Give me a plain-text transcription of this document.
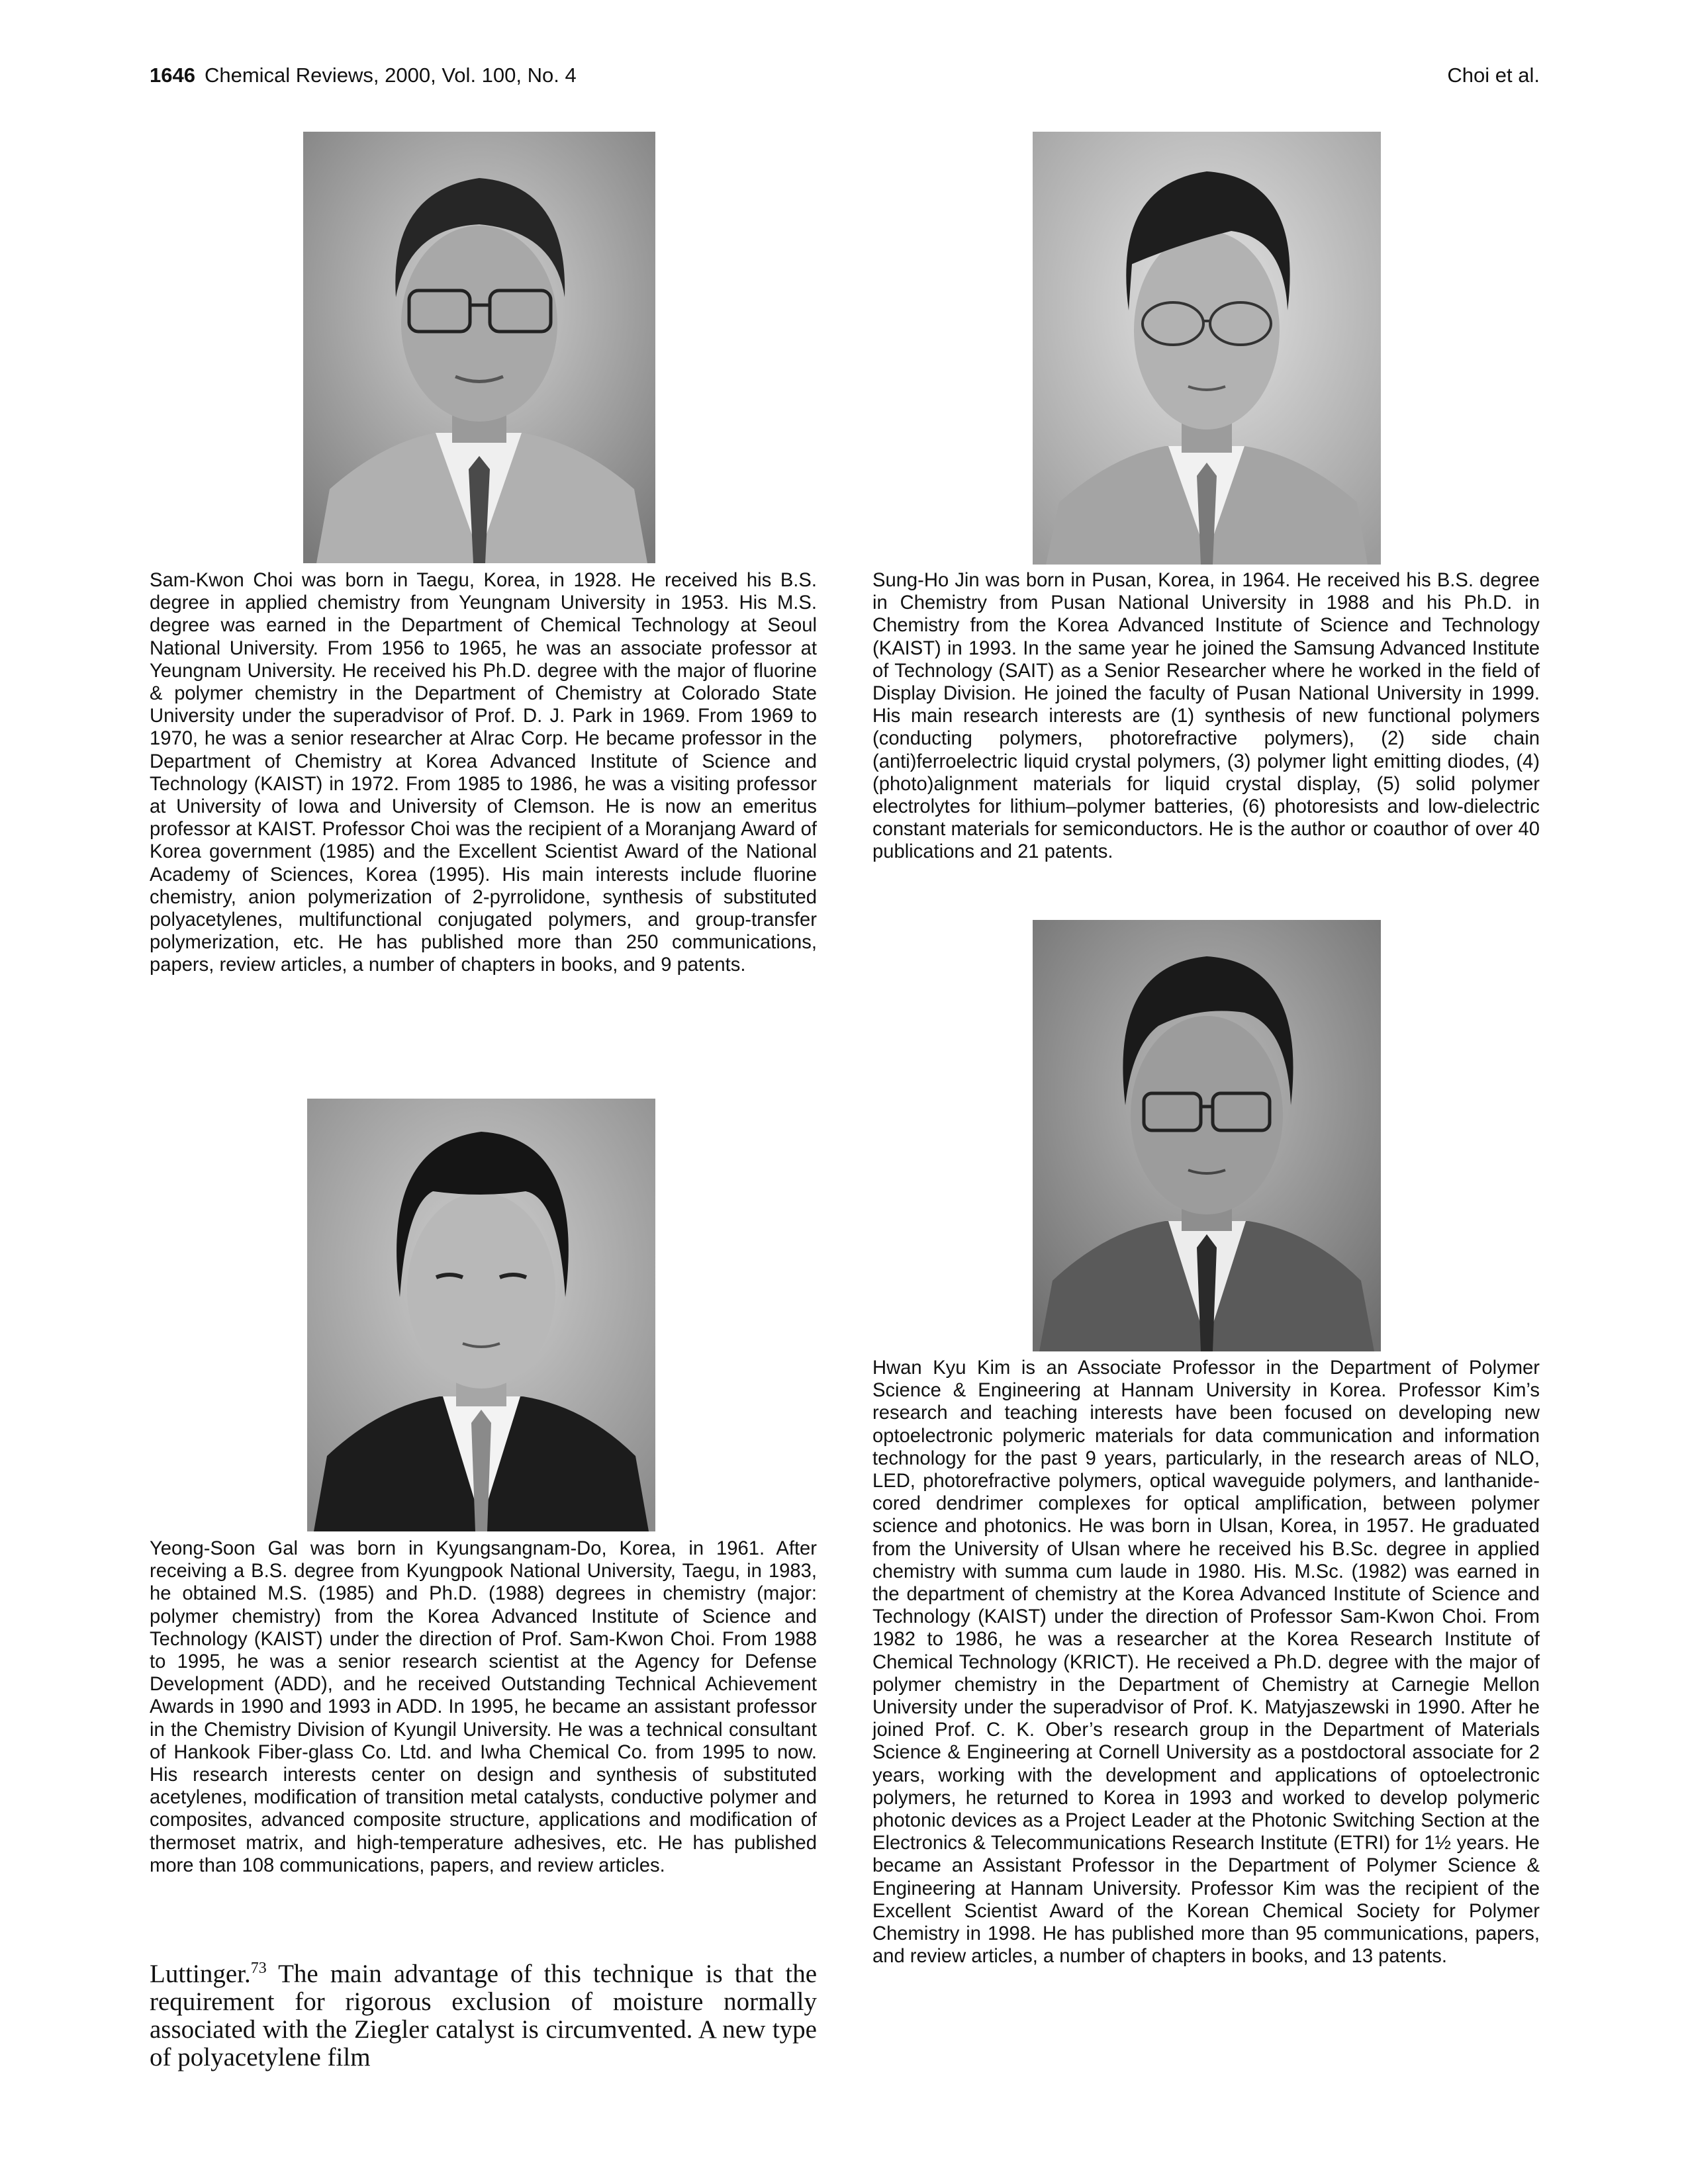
1646 Chemical Reviews, 2000, Vol. 100, No. 4	Choi et al.

Sam-Kwon Choi was born in Taegu, Korea, in 1928. He received his B.S. degree in applied chemistry from Yeungnam University in 1953. His M.S. degree was earned in the Department of Chemical Technology at Seoul National University. From 1956 to 1965, he was an associate professor at Yeungnam University. He received his Ph.D. degree with the major of fluorine & polymer chemistry in the Department of Chemistry at Colorado State University under the superadvisor of Prof. D. J. Park in 1969. From 1969 to 1970, he was a senior researcher at Alrac Corp. He became professor in the Department of Chemistry at Korea Advanced Institute of Science and Technology (KAIST) in 1972. From 1985 to 1986, he was a visiting professor at University of Iowa and University of Clemson. He is now an emeritus professor at KAIST. Professor Choi was the recipient of a Moranjang Award of Korea government (1985) and the Excellent Scientist Award of the National Academy of Sciences, Korea (1995). His main interests include fluorine chemistry, anion polymerization of 2-pyrrolidone, synthesis of substituted polyacetylenes, multifunctional conjugated polymers, and group-transfer polymerization, etc. He has published more than 250 communications, papers, review articles, a number of chapters in books, and 9 patents.

Sung-Ho Jin was born in Pusan, Korea, in 1964. He received his B.S. degree in Chemistry from Pusan National University in 1988 and his Ph.D. in Chemistry from the Korea Advanced Institute of Science and Technology (KAIST) in 1993. In the same year he joined the Samsung Advanced Institute of Technology (SAIT) as a Senior Researcher where he worked in the field of Display Division. He joined the faculty of Pusan National University in 1999. His main research interests are (1) synthesis of new functional polymers (conducting polymers, photorefractive polymers), (2) side chain (anti)ferroelectric liquid crystal polymers, (3) polymer light emitting diodes, (4) (photo)alignment materials for liquid crystal display, (5) solid polymer electrolytes for lithium–polymer batteries, (6) photoresists and low-dielectric constant materials for semiconductors. He is the author or coauthor of over 40 publications and 21 patents.

Yeong-Soon Gal was born in Kyungsangnam-Do, Korea, in 1961. After receiving a B.S. degree from Kyungpook National University, Taegu, in 1983, he obtained M.S. (1985) and Ph.D. (1988) degrees in chemistry (major: polymer chemistry) from the Korea Advanced Institute of Science and Technology (KAIST) under the direction of Prof. Sam-Kwon Choi. From 1988 to 1995, he was a senior research scientist at the Agency for Defense Development (ADD), and he received Outstanding Technical Achievement Awards in 1990 and 1993 in ADD. In 1995, he became an assistant professor in the Chemistry Division of Kyungil University. He was a technical consultant of Hankook Fiber-glass Co. Ltd. and Iwha Chemical Co. from 1995 to now. His research interests center on design and synthesis of substituted acetylenes, modification of transition metal catalysts, conductive polymer and composites, advanced composite structure, applications and modification of thermoset matrix, and high-temperature adhesives, etc. He has published more than 108 communications, papers, and review articles.

Hwan Kyu Kim is an Associate Professor in the Department of Polymer Science & Engineering at Hannam University in Korea. Professor Kim’s research and teaching interests have been focused on developing new optoelectronic polymeric materials for data communication and information technology for the past 9 years, particularly, in the research areas of NLO, LED, photorefractive polymers, optical waveguide polymers, and lanthanide-cored dendrimer complexes for optical amplification, between polymer science and photonics. He was born in Ulsan, Korea, in 1957. He graduated from the University of Ulsan where he received his B.Sc. degree in applied chemistry with summa cum laude in 1980. His. M.Sc. (1982) was earned in the department of chemistry at the Korea Advanced Institute of Science and Technology (KAIST) under the direction of Professor Sam-Kwon Choi. From 1982 to 1986, he was a researcher at the Korea Research Institute of Chemical Technology (KRICT). He received a Ph.D. degree with the major of polymer chemistry in the Department of Chemistry at Carnegie Mellon University under the superadvisor of Prof. K. Matyjaszewski in 1990. After he joined Prof. C. K. Ober’s research group in the Department of Materials Science & Engineering at Cornell University as a postdoctoral associate for 2 years, working with the development and applications of optoelectronic polymers, he returned to Korea in 1993 and worked to develop polymeric photonic devices as a Project Leader at the Photonic Switching Section at the Electronics & Telecommunications Research Institute (ETRI) for 1½ years. He became an Assistant Professor in the Department of Polymer Science & Engineering at Hannam University. Professor Kim was the recipient of the Excellent Scientist Award of the Korean Chemical Society for Polymer Chemistry in 1998. He has published more than 95 communications, papers, and review articles, a number of chapters in books, and 13 patents.

Luttinger.$^{73}$ The main advantage of this technique is that the requirement for rigorous exclusion of moisture normally associated with the Ziegler catalyst is circumvented. A new type of polyacetylene film
